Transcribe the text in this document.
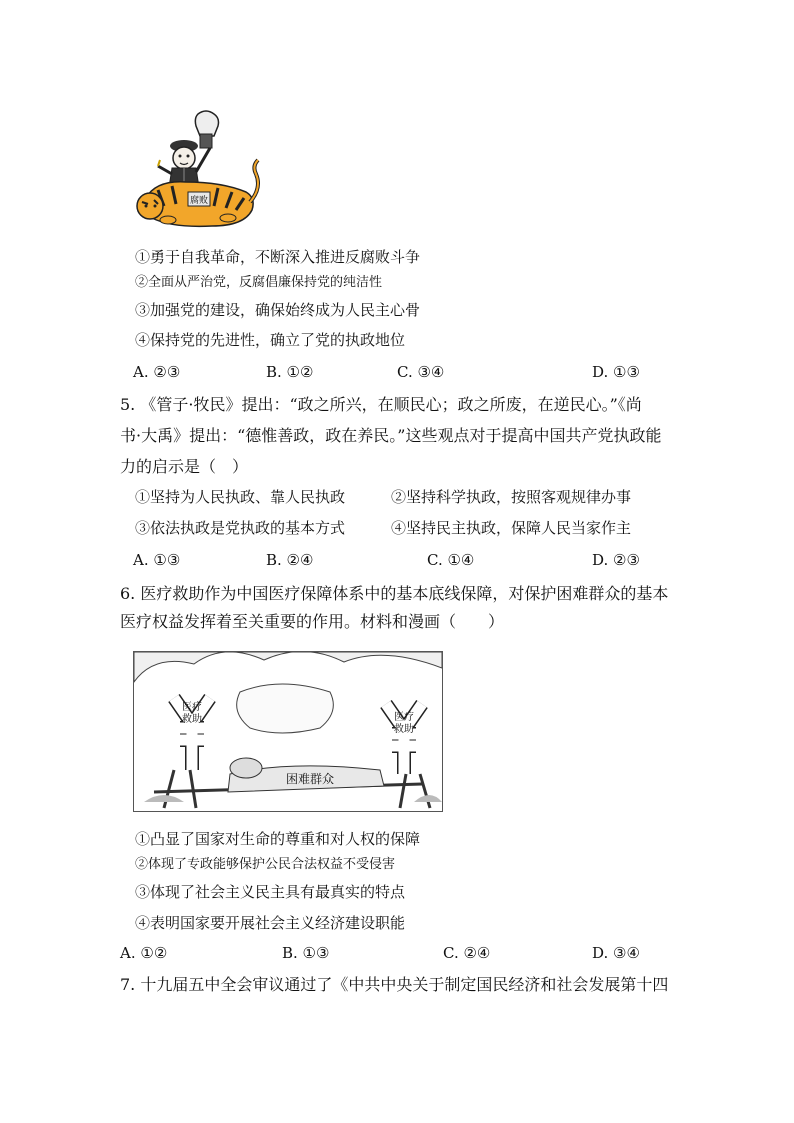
腐败
①勇于自我革命，不断深入推进反腐败斗争
②全面从严治党，反腐倡廉保持党的纯洁性
③加强党的建设，确保始终成为人民主心骨
④保持党的先进性，确立了党的执政地位
A. ②③	B. ①②	C. ③④	D. ①③
5. 《管子·牧民》提出：“政之所兴，在顺民心；政之所废，在逆民心。”《尚
书·大禹》提出：“德惟善政，政在养民。”这些观点对于提高中国共产党执政能
力的启示是（　）
①坚持为人民执政、靠人民执政	②坚持科学执政，按照客观规律办事
③依法执政是党执政的基本方式	④坚持民主执政，保障人民当家作主
A. ①③	B. ②④	C. ①④	D. ②③
6. 医疗救助作为中国医疗保障体系中的基本底线保障，对保护困难群众的基本
医疗权益发挥着至关重要的作用。材料和漫画（　　）
医疗救助	医疗救助
困难群众
①凸显了国家对生命的尊重和对人权的保障
②体现了专政能够保护公民合法权益不受侵害
③体现了社会主义民主具有最真实的特点
④表明国家要开展社会主义经济建设职能
A. ①②	B. ①③	C. ②④	D. ③④
7. 十九届五中全会审议通过了《中共中央关于制定国民经济和社会发展第十四
